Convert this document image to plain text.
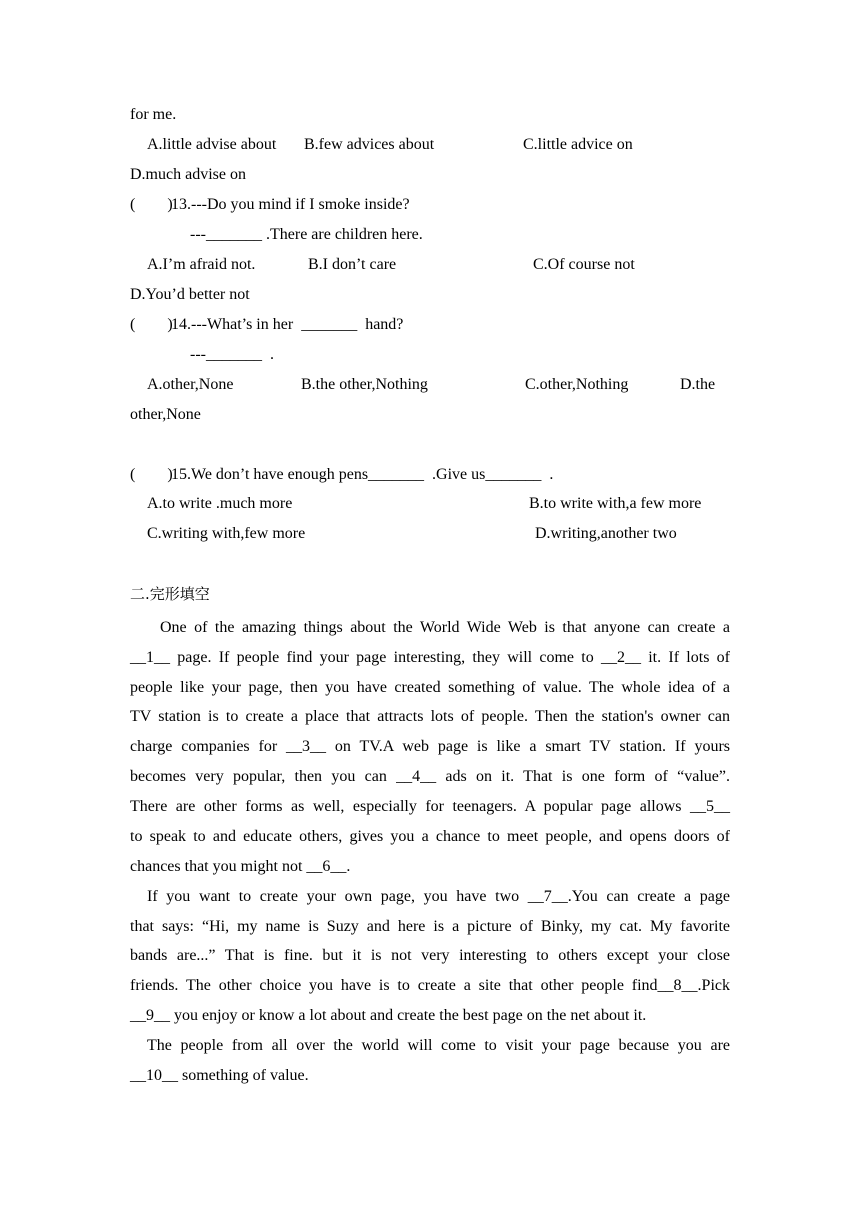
for me.
A.little advise about B.few advices about	C.little advice on
D.much advise on
(        )
13.---Do you mind if I smoke inside?
---_______ .There are children here.
A.I’m afraid not.	B.I don’t care	C.Of course not
D.You’d better not
(        )
14.---What’s in her  _______  hand?
---_______  .
A.other,None	B.the other,Nothing	C.other,Nothing	D.the
other,None
(        )
15.We don’t have enough pens_______  .Give us_______  .
A.to write .much more	B.to write with,a few more
C.writing with,few more	D.writing,another two
二.完形填空
One of the amazing things about the World Wide Web is that anyone can create a
__1__ page. If people find your page interesting, they will come to __2__ it. If lots of
people like your page, then you have created something of value. The whole idea of a
TV station is to create a place that attracts lots of people. Then the station's owner can
charge companies for __3__ on TV.A web page is like a smart TV station. If yours
becomes very popular, then you can __4__ ads on it. That is one form of “value”.
There are other forms as well, especially for teenagers. A popular page allows __5__
to speak to and educate others, gives you a chance to meet people, and opens doors of
chances that you might not __6__.
If you want to create your own page, you have two __7__.You can create a page
that says: “Hi, my name is Suzy and here is a picture of Binky, my cat. My favorite
bands are...” That is fine. but it is not very interesting to others except your close
friends. The other choice you have is to create a site that other people find__8__.Pick
__9__ you enjoy or know a lot about and create the best page on the net about it.
The people from all over the world will come to visit your page because you are
__10__ something of value.
